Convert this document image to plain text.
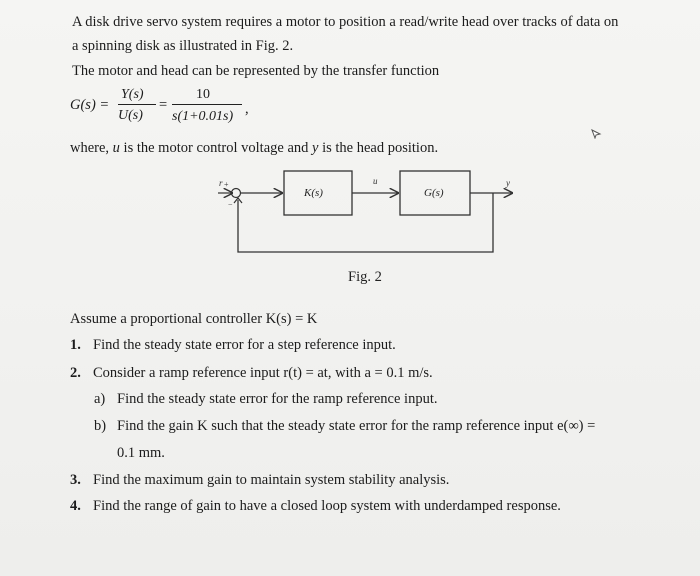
A disk drive servo system requires a motor to position a read/write head over tracks of data on
a spinning disk as illustrated in Fig. 2.
The motor and head can be represented by the transfer function
G(s) =
Y(s)
U(s)
=
10
s(1+0.01s) ,
where, u is the motor control voltage and y is the head position.
r +
−
K(s)
u
G(s)
y
Fig. 2
Assume a proportional controller K(s) = K
1. Find the steady state error for a step reference input.
2. Consider a ramp reference input r(t) = at, with a = 0.1 m/s.
a) Find the steady state error for the ramp reference input.
b) Find the gain K such that the steady state error for the ramp reference input e(∞) =
0.1 mm.
3. Find the maximum gain to maintain system stability analysis.
4. Find the range of gain to have a closed loop system with underdamped response.
